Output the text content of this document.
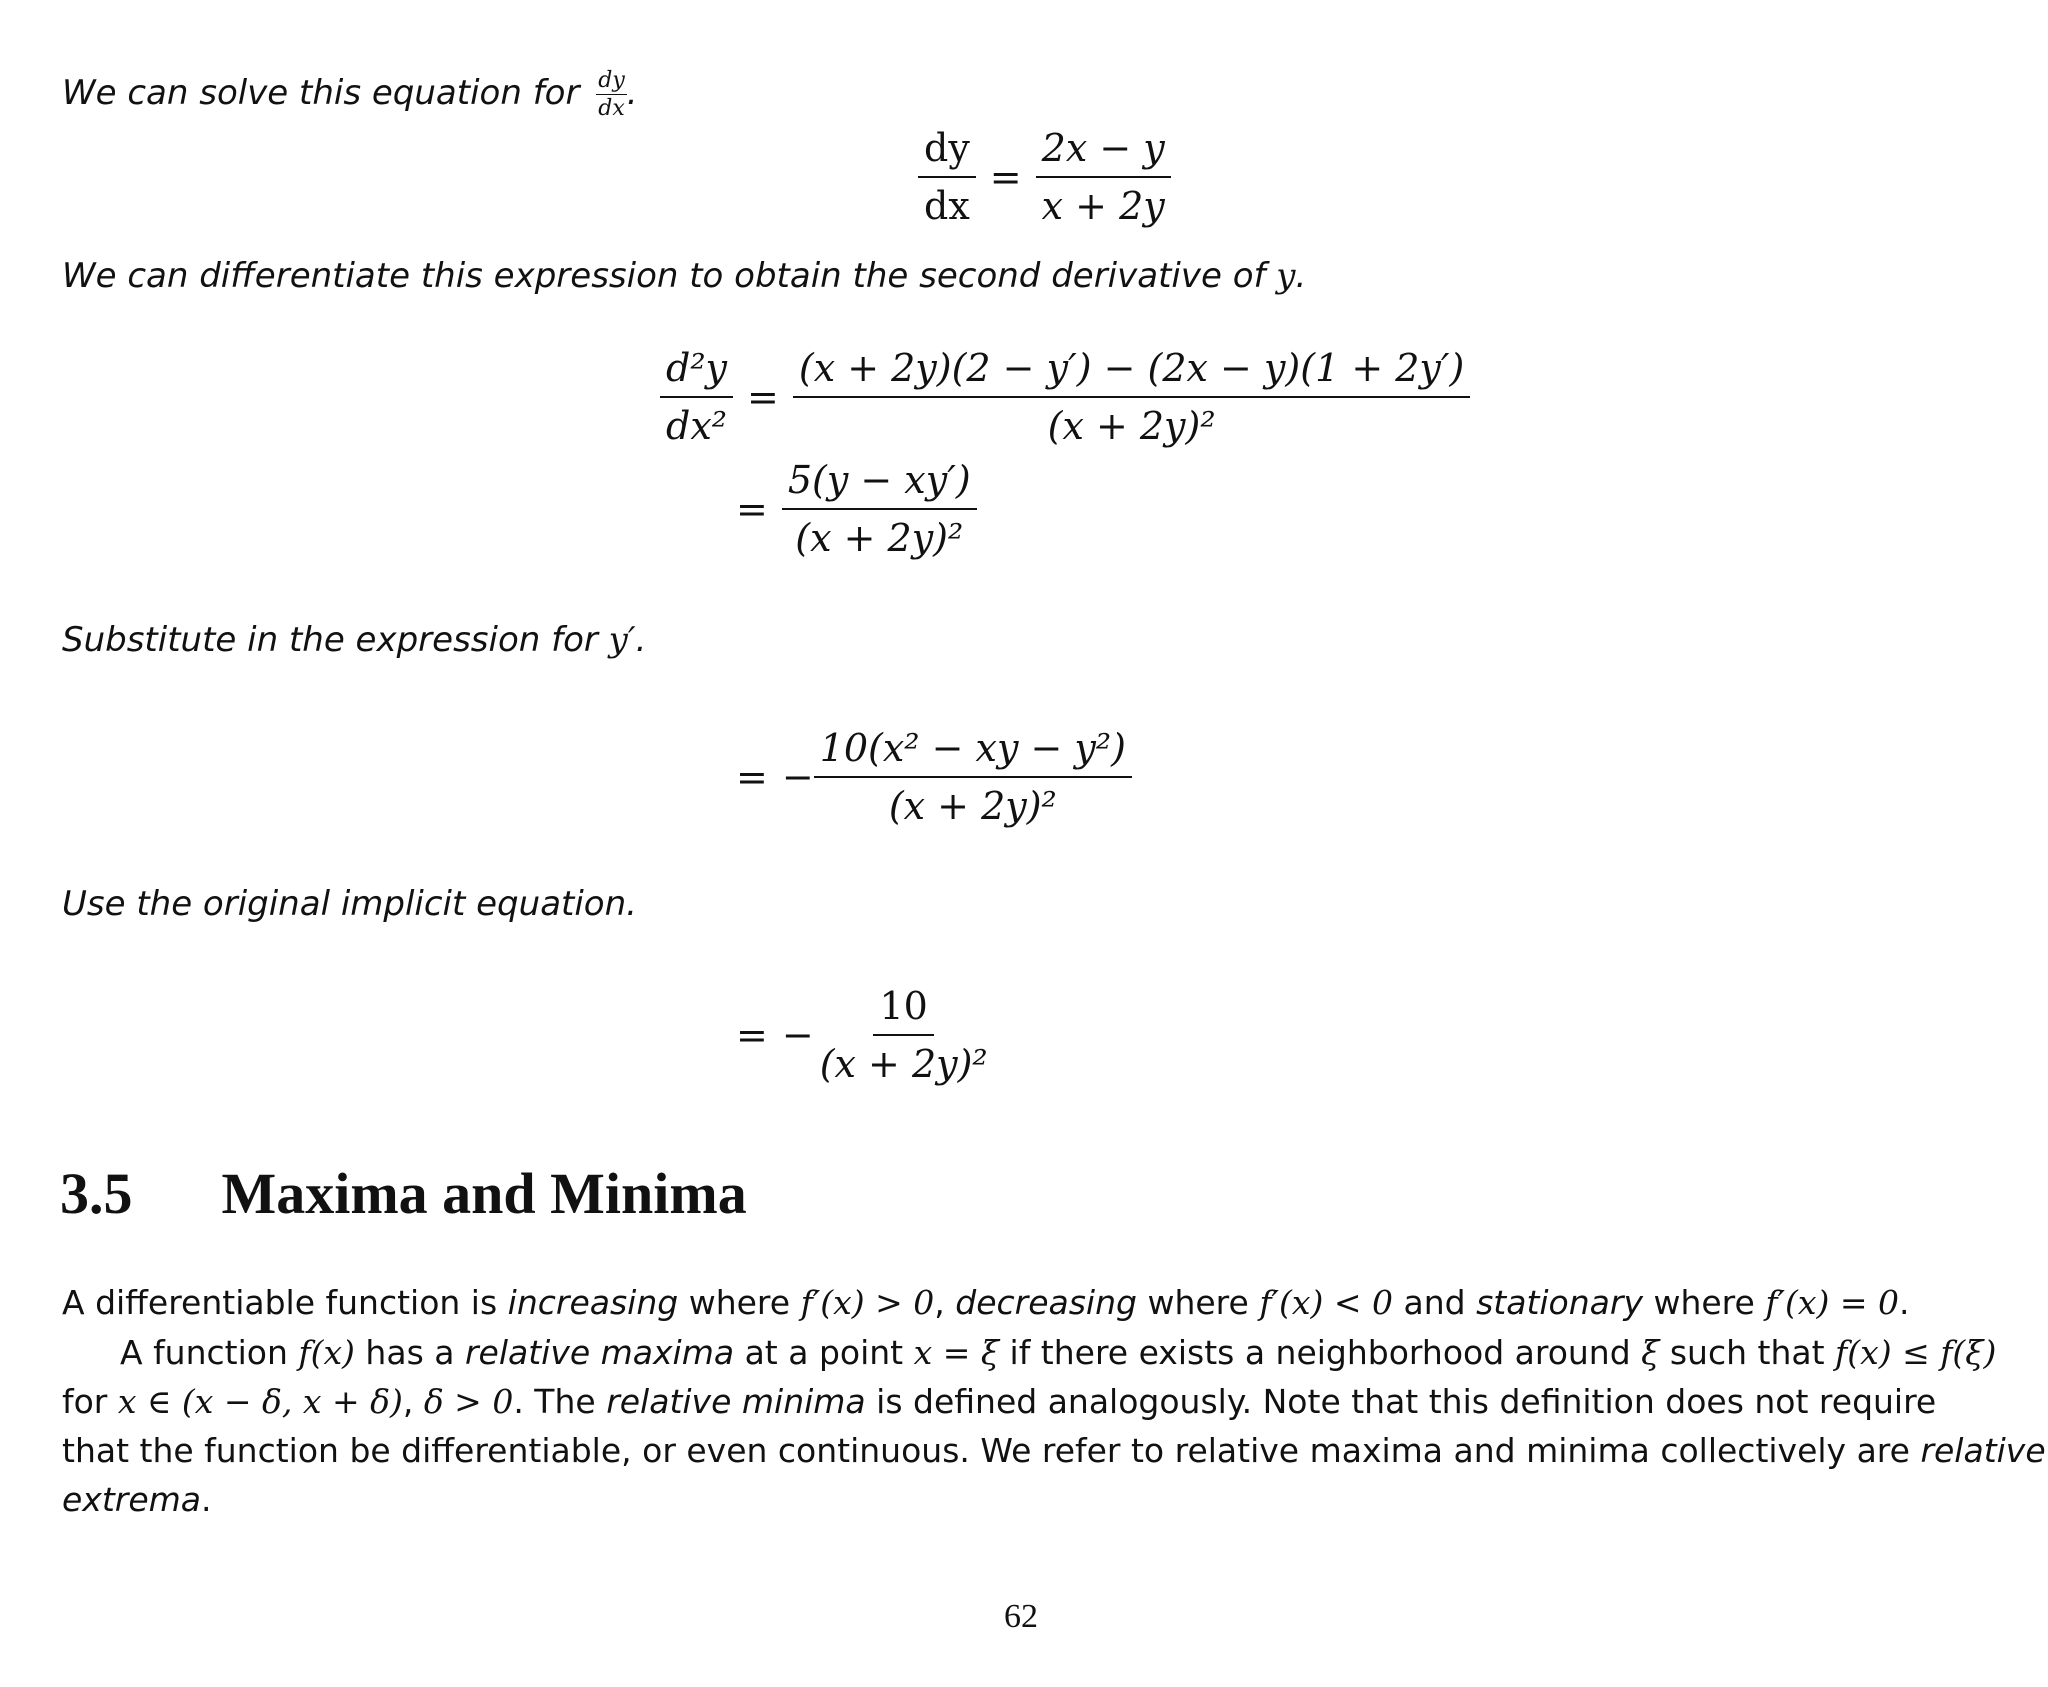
We can solve this equation for $\frac{dy}{dx}$ .
$\frac{dy}{dx} = \frac{2x - y}{x + 2y}$
We can differentiate this expression to obtain the second derivative of y.
$\frac{\text{d²y}}{\text{dx²}} = \frac{(x + 2y)(2 - y') - (2x - y)(1 + 2y')}{\text{(x + 2y)²}}$
= $\frac{5(y - xy')}{\text{(x + 2y)²}}$
Substitute in the expression for y′.
= − $\frac{\text{10(x² − xy − y²)}}{\text{(x + 2y)²}}$
Use the original implicit equation.
= − $\frac{10}{\text{(x + 2y)²}}$
3.5 Maxima and Minima
A differentiable function is increasing where f′(x) > 0, decreasing where f′(x) < 0 and stationary where f′(x) = 0.
A function f(x) has a relative maxima at a point x = ξ if there exists a neighborhood around ξ such that f(x) ≤ f(ξ)
for x ∈ (x − δ, x + δ), δ > 0. The relative minima is defined analogously. Note that this definition does not require
that the function be differentiable, or even continuous. We refer to relative maxima and minima collectively are relative
extrema.
62
